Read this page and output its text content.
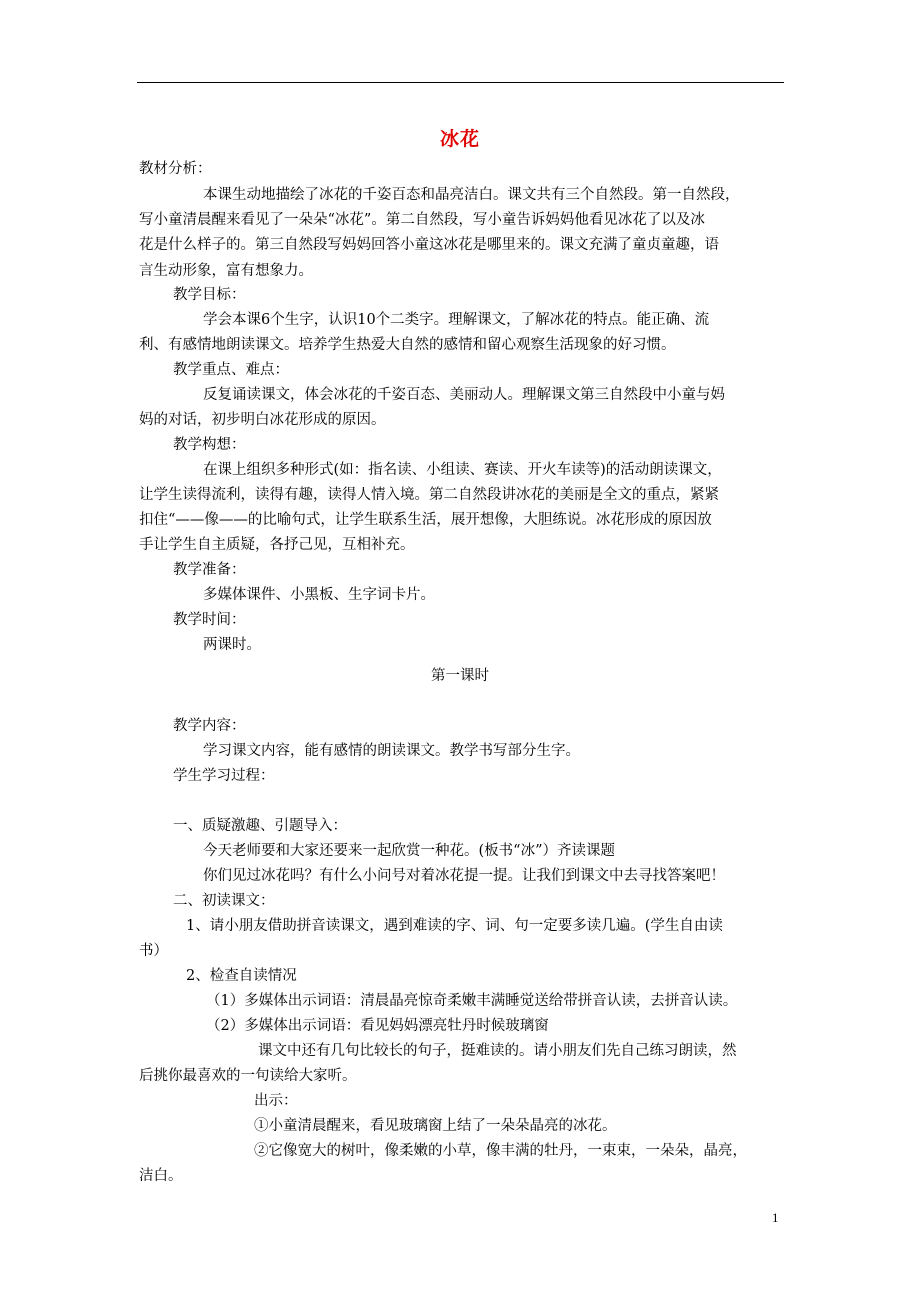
冰花
教材分析：
本课生动地描绘了冰花的千姿百态和晶亮洁白。课文共有三个自然段。第一自然段，
写小童清晨醒来看见了一朵朵“冰花”。第二自然段，写小童告诉妈妈他看见冰花了以及冰
花是什么样子的。第三自然段写妈妈回答小童这冰花是哪里来的。课文充满了童贞童趣，语
言生动形象，富有想象力。
教学目标：
学会本课6个生字，认识10个二类字。理解课文，了解冰花的特点。能正确、流
利、有感情地朗读课文。培养学生热爱大自然的感情和留心观察生活现象的好习惯。
教学重点、难点：
反复诵读课文，体会冰花的千姿百态、美丽动人。理解课文第三自然段中小童与妈
妈的对话，初步明白冰花形成的原因。
教学构想：
在课上组织多种形式(如：指名读、小组读、赛读、开火车读等)的活动朗读课文，
让学生读得流利，读得有趣，读得人情入境。第二自然段讲冰花的美丽是全文的重点，紧紧
扣住“——像——的比喻句式，让学生联系生活，展开想像，大胆练说。冰花形成的原因放
手让学生自主质疑，各抒己见，互相补充。
教学准备：
多媒体课件、小黑板、生字词卡片。
教学时间：
两课时。
第一课时
教学内容：
学习课文内容，能有感情的朗读课文。教学书写部分生字。
学生学习过程：
一、质疑激趣、引题导入：
今天老师要和大家还要来一起欣赏一种花。(板书“冰”）齐读课题
你们见过冰花吗？有什么小问号对着冰花提一提。让我们到课文中去寻找答案吧！
二、初读课文：
1、请小朋友借助拼音读课文，遇到难读的字、词、句一定要多读几遍。(学生自由读
书）
2、检查自读情况
（1）多媒体出示词语：清晨晶亮惊奇柔嫩丰满睡觉送给带拼音认读，去拼音认读。
（2）多媒体出示词语：看见妈妈漂亮牡丹时候玻璃窗
课文中还有几句比较长的句子，挺难读的。请小朋友们先自己练习朗读，然
后挑你最喜欢的一句读给大家听。
出示：
①小童清晨醒来，看见玻璃窗上结了一朵朵晶亮的冰花。
②它像宽大的树叶，像柔嫩的小草，像丰满的牡丹，一束束，一朵朵，晶亮，
洁白。
1
